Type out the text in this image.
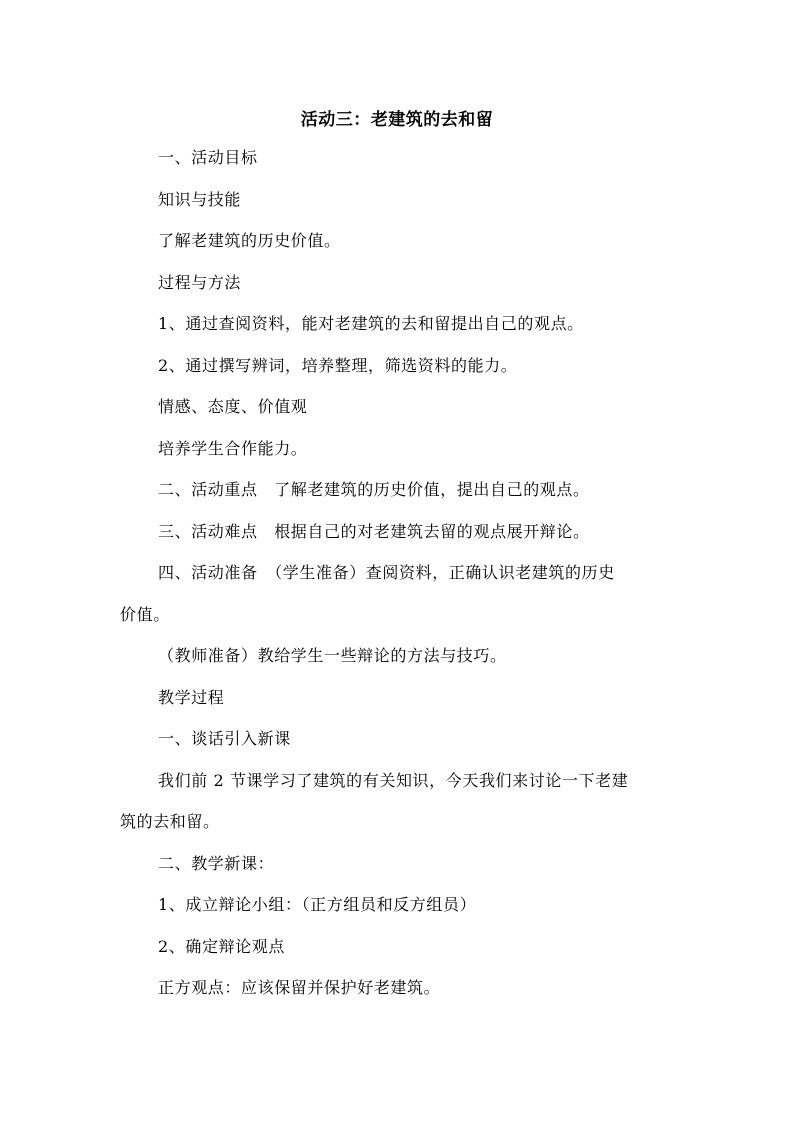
活动三：老建筑的去和留
一、活动目标
知识与技能
了解老建筑的历史价值。
过程与方法
1、通过查阅资料，能对老建筑的去和留提出自己的观点。
2、通过撰写辨词，培养整理，筛选资料的能力。
情感、态度、价值观
培养学生合作能力。
二、活动重点　了解老建筑的历史价值，提出自己的观点。
三、活动难点　根据自己的对老建筑去留的观点展开辩论。
四、活动准备　（学生准备）查阅资料，正确认识老建筑的历史
价值。
（教师准备）教给学生一些辩论的方法与技巧。
教学过程
一、谈话引入新课
我们前 2 节课学习了建筑的有关知识，今天我们来讨论一下老建
筑的去和留。
二、教学新课：
1、成立辩论小组：（正方组员和反方组员）
2、确定辩论观点
正方观点：应该保留并保护好老建筑。
